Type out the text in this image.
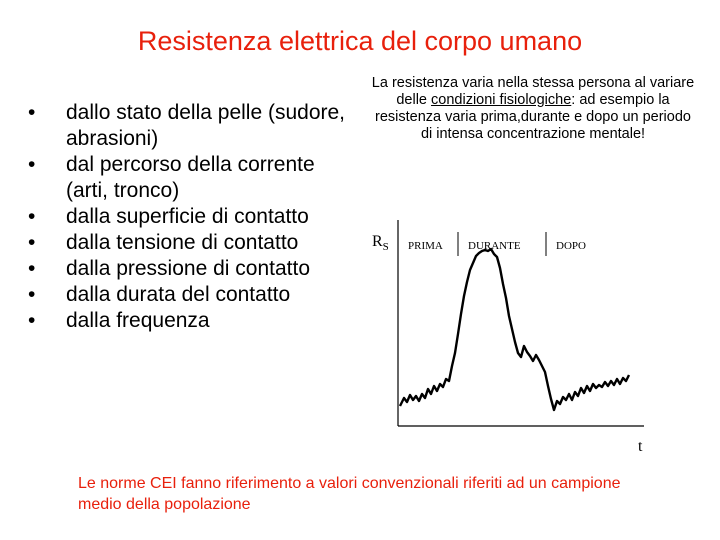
Resistenza elettrica del corpo umano
• dallo stato della pelle (sudore, abrasioni)
• dal percorso della corrente (arti, tronco)
• dalla superficie di contatto
• dalla tensione di contatto
• dalla pressione di contatto
• dalla durata del contatto
• dalla frequenza
La resistenza varia nella stessa persona al variare delle condizioni fisiologiche: ad esempio la resistenza varia prima,durante e dopo un periodo di intensa concentrazione mentale!
$R_S$
t
PRIMA DURANTE	DOPO
Le norme CEI fanno riferimento a valori convenzionali riferiti ad un campione medio della popolazione
